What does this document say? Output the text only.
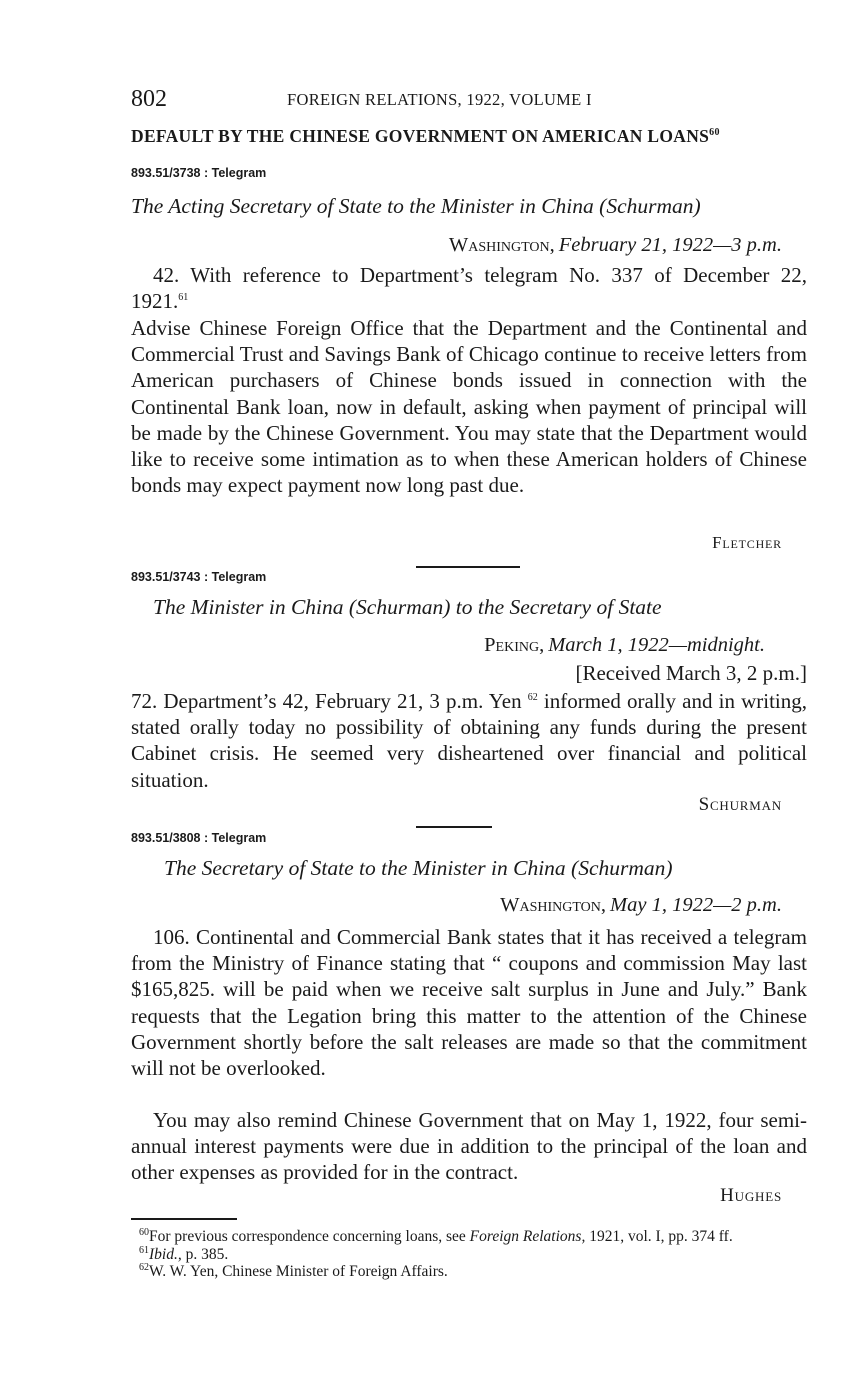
802	FOREIGN RELATIONS, 1922, VOLUME I
DEFAULT BY THE CHINESE GOVERNMENT ON AMERICAN LOANS$^{60}$
893.51/3738 : Telegram
The Acting Secretary of State to the Minister in China (Schurman)
Washington, February 21, 1922—3 p.m.
42. With reference to Department’s telegram No. 337 of December 22, 1921.61
Advise Chinese Foreign Office that the Department and the Continental and Commercial Trust and Savings Bank of Chicago continue to receive letters from American purchasers of Chinese bonds issued in connection with the Continental Bank loan, now in default, asking when payment of principal will be made by the Chinese Government. You may state that the Department would like to receive some intimation as to when these American holders of Chinese bonds may expect payment now long past due.
Fletcher
893.51/3743 : Telegram
The Minister in China (Schurman) to the Secretary of State
Peking, March 1, 1922—midnight.
[Received March 3, 2 p.m.]
72. Department’s 42, February 21, 3 p.m. Yen $^{62}$ informed orally and in writing, stated orally today no possibility of obtaining any funds during the present Cabinet crisis. He seemed very disheartened over financial and political situation.
Schurman
893.51/3808 : Telegram
The Secretary of State to the Minister in China (Schurman)
Washington, May 1, 1922—2 p.m.
106. Continental and Commercial Bank states that it has received a telegram from the Ministry of Finance stating that “ coupons and commission May last $165,825. will be paid when we receive salt surplus in June and July.” Bank requests that the Legation bring this matter to the attention of the Chinese Government shortly before the salt releases are made so that the commitment will not be overlooked.
You may also remind Chinese Government that on May 1, 1922, four semi-annual interest payments were due in addition to the principal of the loan and other expenses as provided for in the contract.
Hughes
$^{60}$For previous correspondence concerning loans, see Foreign Relations, 1921, vol. I, pp. 374 ff.
$^{61}$Ibid., p. 385.
$^{62}$W. W. Yen, Chinese Minister of Foreign Affairs.
